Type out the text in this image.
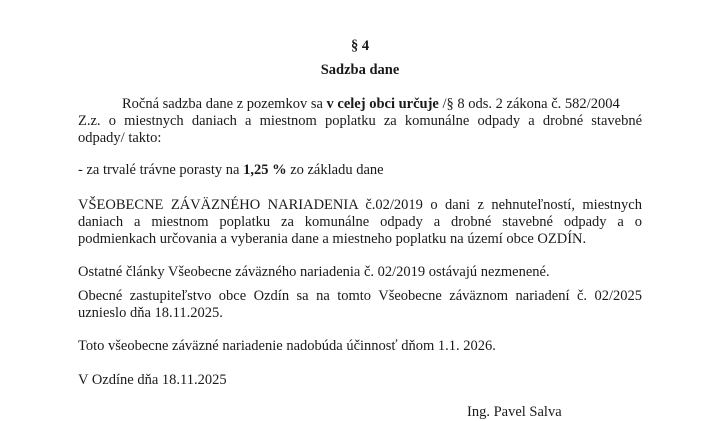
§ 4
Sadzba dane
Ročná sadzba dane z pozemkov sa v celej obci určuje /§ 8 ods. 2 zákona č. 582/2004
Z.z. o miestnych daniach a miestnom poplatku za komunálne odpady a drobné stavebné
odpady/ takto:
- za trvalé trávne porasty na 1,25 % zo základu dane
VŠEOBECNE ZÁVÄZNÉHO NARIADENIA č.02/2019 o dani z nehnuteľností, miestnych
daniach a miestnom poplatku za komunálne odpady a drobné stavebné odpady a o
podmienkach určovania a vyberania dane a miestneho poplatku na území obce OZDÍN.
Ostatné články Všeobecne záväzného nariadenia č. 02/2019 ostávajú nezmenené.
Obecné zastupiteľstvo obce Ozdín sa na tomto Všeobecne záväznom nariadení č. 02/2025
uznieslo dňa 18.11.2025.
Toto všeobecne záväzné nariadenie nadobúda účinnosť dňom 1.1. 2026.
V Ozdíne dňa 18.11.2025
Ing. Pavel Salva
